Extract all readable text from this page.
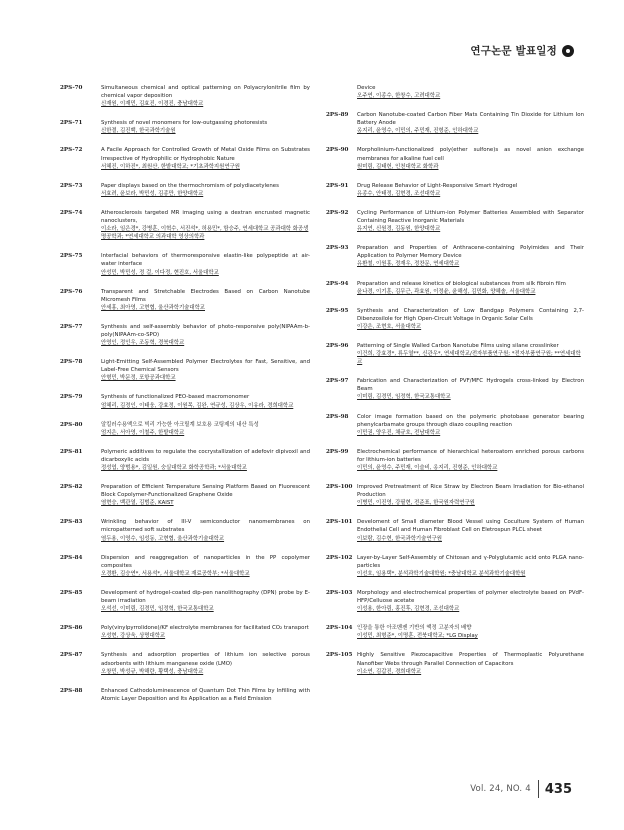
연구논문 발표일정
2PS-70	Simultaneous chemical and optical patterning on Polyacrylonitrile film by chemical vapor deposition
신재원, 이재민, 김효진, 이경진, 충남대학교
2PS-71	Synthesis of novel monomers for low-outgassing photoresists
신한결, 김진백, 한국과학기술원
2PS-72	A Facile Approach for Controlled Growth of Metal Oxide Films on Substrates Irrespective of Hydrophilic or Hydrophobic Nature
서혜진, 이하진*, 최원산, 한밭대학교; *기초과학지원연구원
2PS-73	Paper displays based on the thermochromism of polydiacetylenes
서효려, 윤보라, 박민성, 김종만, 한양대학교
2PS-74	Atherosclerosis targeted MR imaging using a dextran encrusted magnetic nanoclusters,
이소라, 임은경*, 강병훈, 이혁수, 서진석*, 허용민*, 함승주, 연세대학교 공과대학 화공생명공학과; *연세대학교 의과대학 영상의학과
2PS-75	Interfacial behaviors of thermoresponsive elastin-like polypeptide at air-water interface
안성민, 박민성, 정 걸, 이다정, 현진호, 서울대학교
2PS-76	Transparent and Stretchable Electrodes Based on Carbon Nanotube Micromesh Films
안세홍, 최아영, 고현협, 울산과학기술대학교
2PS-77	Synthesis and self-assembly behavior of photo-responsive poly(NIPAAm-b-poly(NIPAAm-co-SPO)
안영인, 정인우, 조동혁, 경북대학교
2PS-78	Light-Emitting Self-Assembled Polymer Electrolytes for Fast, Sensitive, and Label-Free Chemical Sensors
안형민, 박문정, 포항공과대학교
2PS-79	Synthesis of functionalized PEO-based macromonomer
엄혜리, 김정인, 이태웅, 강효정, 이원목, 김완, 연규성, 김상우, 이유라, 경희대학교
2PS-80	알킬러수용액으로 빅리 가능한 아크릴계 보호용 코팅제의 내산 특성
엄지은, 서아영, 이철주, 한밭대학교
2PS-81	Polymeric additives to regulate the cocrystallization of adefovir dipivoxil and dicarboxylic acids
정성엽, 양범용*, 김일원, 숭실대학교 화학공학과; *서울대학교
2PS-82	Preparation of Efficient Temperature Sensing Platform Based on Fluorescent Block Copolymer-Functionalized Graphene Oxide
염현승, 백관열, 김범준, KAIST
2PS-83	Wrinkling behavior of III-V semiconductor nanomembranes on micropatterned soft substrates
염두용, 이영수, 임성동, 고현협, 울산과학기술대학교
2PS-84	Dispersion and reaggregation of nanoparticles in the PP copolymer composites
오경환, 김승연*, 서용석*, 서울대학교 재료공학부; *서울대학교
2PS-85	Development of hydrogel-coated dip-pen nanolithography (DPN) probe by E-beam irradiation
오석선, 이미림, 김경민, 임정혁, 한국교통대학교
2PS-86	Poly(vinylpyrrolidone)/KF electrolyte membranes for facilitated CO₂ transport
오성현, 강상욱, 상명대학교
2PS-87	Synthesis and adsorption properties of lithium ion selective porous adsorbents with lithium manganese oxide (LMO)
오창민, 박성규, 박해란, 황택성, 충남대학교
2PS-88	Enhanced Cathodoluminescence of Quantum Dot Thin Films by Infilling with Atomic Layer Deposition and Its Application as a Field Emission
Device
오주연, 이종수, 한창수, 고려대학교
2PS-89	Carbon Nanotube-coated Carbon Fiber Mats Containing Tin Dioxide for Lithium Ion Battery Anode
옹지리, 윤영수, 이민의, 주민재, 진형준, 인하대학교
2PS-90	Morpholinium-functionalized poly(ether sulfone)s as novel anion exchange membranes for alkaline fuel cell
원미림, 김태헌, 인천대학교 화학과
2PS-91	Drug Release Behavior of Light-Responsive Smart Hydrogel
유종수, 안태정, 김현경, 조선대학교
2PS-92	Cycling Performance of Lithium-ion Polymer Batteries Assembled with Separator Containing Reactive Inorganic Materials
유지연, 신원경, 김동원, 한양대학교
2PS-93	Preparation and Properties of Anthracene-containing Polyimides and Their Application to Polymer Memory Device
유환철, 이원홍, 정재우, 정찬문, 연세대학교
2PS-94	Preparation and release kinetics of biological substances from silk fibroin film
윤나경, 이기훈, 김무근, 곽효원, 이정윤, 윤해성, 김민화, 양혜솔, 서울대학교
2PS-95	Synthesis and Characterization of Low Bandgap Polymers Containing 2,7-Dibenzosilole for High Open-Circuit Voltage in Organic Solar Cells
이강은, 조현호, 서울대학교
2PS-96	Patterning of Single Walled Carbon Nanotube Films using silane crosslinker
이건희, 강효경*, 류두열**, 신관우*, 연세대학교/전자부품연구원; *전자부품연구원; **연세대학교
2PS-97	Fabrication and Characterization of PVF/MFC Hydrogels cross-linked by Electron Beam
이미림, 김경민, 임정혁, 한국교통대학교
2PS-98	Color image formation based on the polymeric photobase generator bearing phenylcarbamate groups through diazo coupling reaction
이민권, 양우진, 채규호, 전남대학교
2PS-99	Electrochemical performance of hierarchical heteroatom enriched porous carbons for lithium-ion batteries
이민의, 윤영수, 주민재, 이슬비, 옹지리, 진형준, 인하대학교
2PS-100 Improved Pretreatment of Rice Straw by Electron Beam Irradiation for Bio-ethanol Production
이병민, 이진영, 강필현, 전준표, 한국원자력연구원
2PS-101 Develoment of Small diameter Blood Vessel using Coculture System of Human Endothelial Cell and Human Fibroblast Cell on Eletrospun PLCL sheet
이보람, 김수현, 한국과학기술연구원
2PS-102 Layer-by-Layer Self-Assembly of Chitosan and γ-Polyglutamic acid onto PLGA nano-particles
이선호, 임용택*, 분석과학기술대학원; *충남대학교 분석과학기술대학원
2PS-103 Morphology and electrochemical properties of polymer electrolyte based on PVdF-HFP/Celluose acetate
이성용, 한아림, 홍진후, 김현경, 조선대학교
2PS-104 인장을 통한 아조벤젠 기반의 액정 고분자의 배향
이성민, 최형준*, 이명훈, 전북대학교; *LG Display
2PS-105 Highly Sensitive Piezocapacitive Properties of Thermoplastic Polyurethane Nanofiber Webs through Parallel Connection of Capacitors
이소연, 김갑진, 경희대학교
Vol. 24, NO. 4 435
